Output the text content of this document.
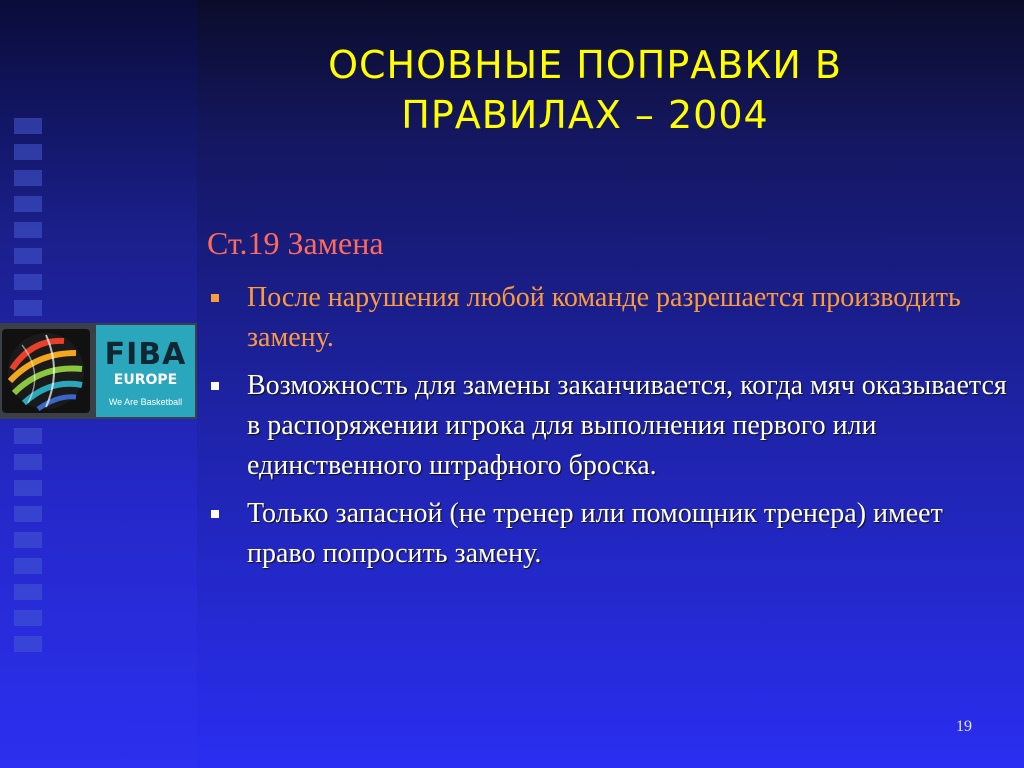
FIBA
EUROPE
We Are Basketball
ОСНОВНЫЕ ПОПРАВКИ В
ПРАВИЛАХ – 2004
Ст.19 Замена
После нарушения любой команде разрешается производить замену.
Возможность для замены заканчивается, когда мяч оказывается в распоряжении игрока для выполнения первого или единственного штрафного броска.
Только запасной (не тренер или помощник тренера) имеет право попросить замену.
19
